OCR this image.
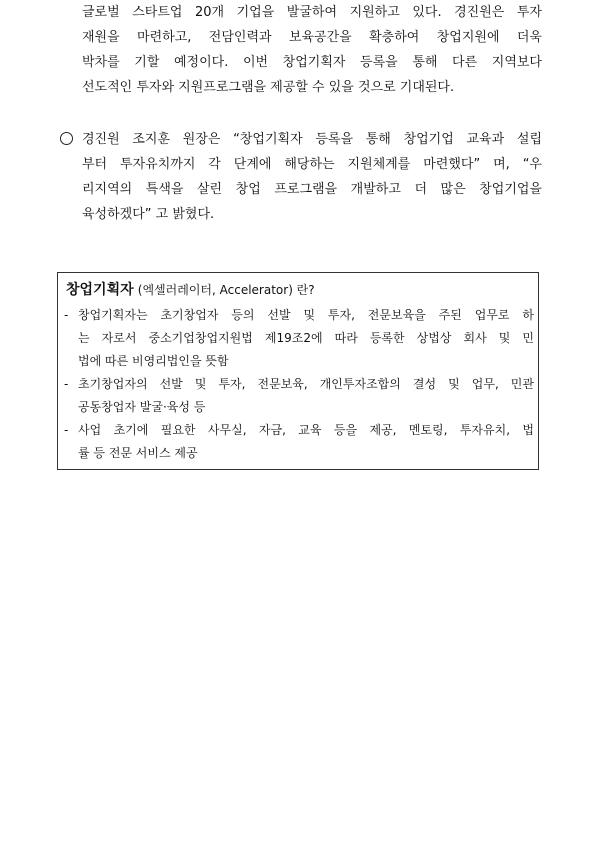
글로벌 스타트업 20개 기업을 발굴하여 지원하고 있다. 경진원은 투자
재원을 마련하고, 전담인력과 보육공간을 확충하여 창업지원에 더욱
박차를 기할 예정이다. 이번 창업기획자 등록을 통해 다른 지역보다
선도적인 투자와 지원프로그램을 제공할 수 있을 것으로 기대된다.
경진원 조지훈 원장은 “창업기획자 등록을 통해 창업기업 교육과 설립
부터 투자유치까지 각 단계에 해당하는 지원체계를 마련했다” 며, “우
리지역의 특색을 살린 창업 프로그램을 개발하고 더 많은 창업기업을
육성하겠다” 고 밝혔다.
창업기획자 (엑셀러레이터, Accelerator) 란?
- 창업기획자는 초기창업자 등의 선발 및 투자, 전문보육을 주된 업무로 하
는 자로서 중소기업창업지원법 제19조2에 따라 등록한 상법상 회사 및 민
법에 따른 비영리법인을 뜻함
- 초기창업자의 선발 및 투자, 전문보육, 개인투자조합의 결성 및 업무, 민관
공동창업자 발굴·육성 등
- 사업 초기에 필요한 사무실, 자금, 교육 등을 제공, 멘토링, 투자유치, 법
률 등 전문 서비스 제공
